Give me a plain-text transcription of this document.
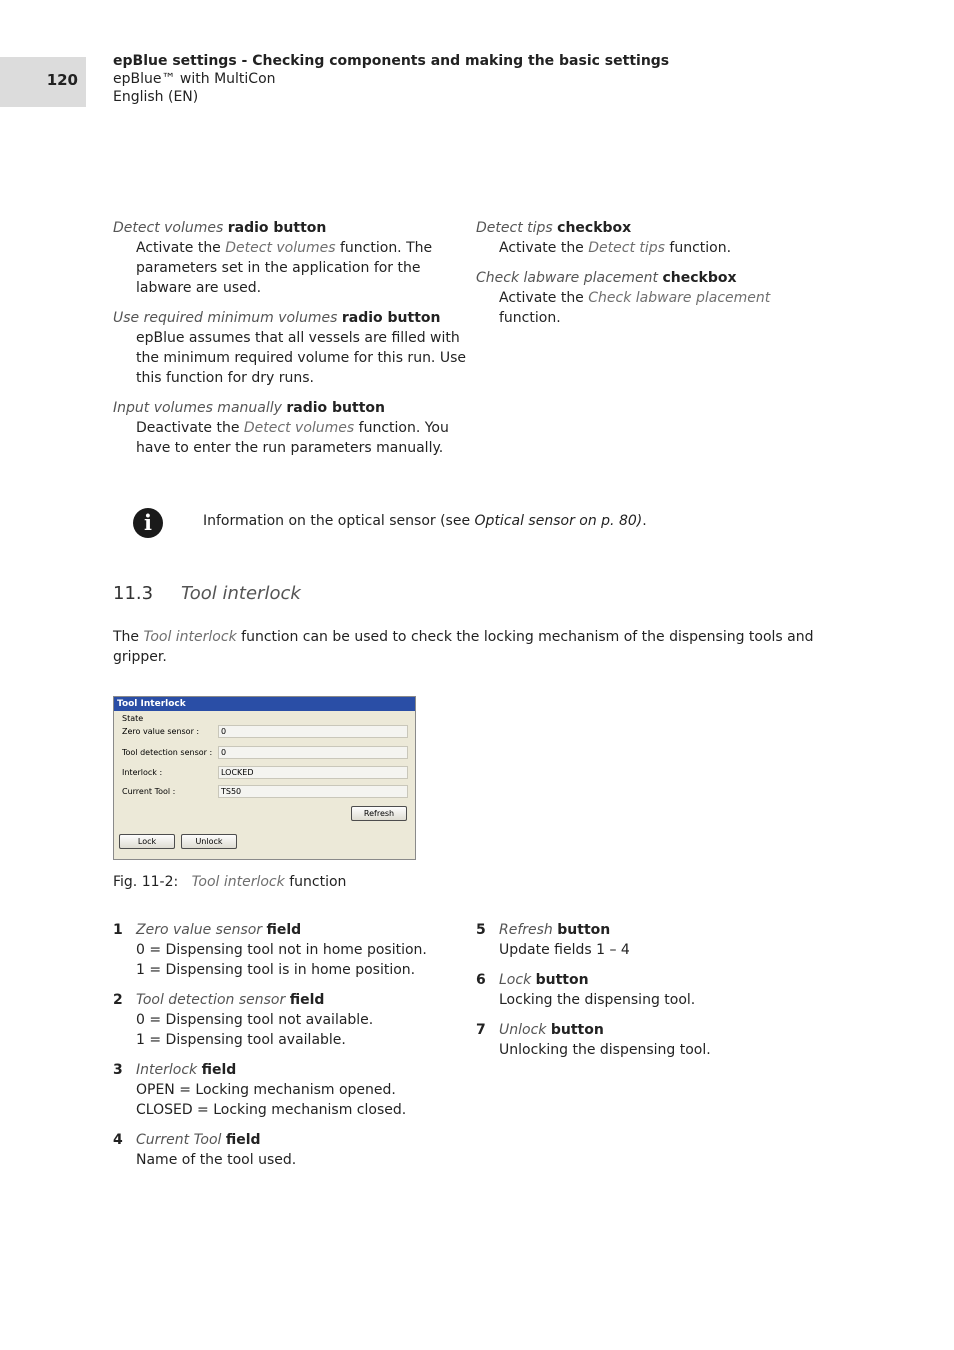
120
epBlue settings - Checking components and making the basic settings
epBlue™ with MultiCon
English (EN)
Detect volumes radio button
Activate the Detect volumes function. The parameters set in the application for the labware are used.
Use required minimum volumes radio button
epBlue assumes that all vessels are filled with the minimum required volume for this run. Use this function for dry runs.
Input volumes manually radio button
Deactivate the Detect volumes function. You have to enter the run parameters manually.
Detect tips checkbox
Activate the Detect tips function.
Check labware placement checkbox
Activate the Check labware placement function.
i	Information on the optical sensor (see Optical sensor on p. 80).
11.3 Tool interlock
The Tool interlock function can be used to check the locking mechanism of the dispensing tools and gripper.
Tool Interlock
State
Zero value sensor :	0
Tool detection sensor :	0
Interlock :	LOCKED
Current Tool :	TS50
Refresh
Lock	Unlock
Fig. 11-2: Tool interlock function
1 Zero value sensor field
0 = Dispensing tool not in home position.
1 = Dispensing tool is in home position.
2 Tool detection sensor field
0 = Dispensing tool not available.
1 = Dispensing tool available.
3 Interlock field
OPEN = Locking mechanism opened.
CLOSED = Locking mechanism closed.
4 Current Tool field
Name of the tool used.
5 Refresh button
Update fields 1 – 4
6 Lock button
Locking the dispensing tool.
7 Unlock button
Unlocking the dispensing tool.
